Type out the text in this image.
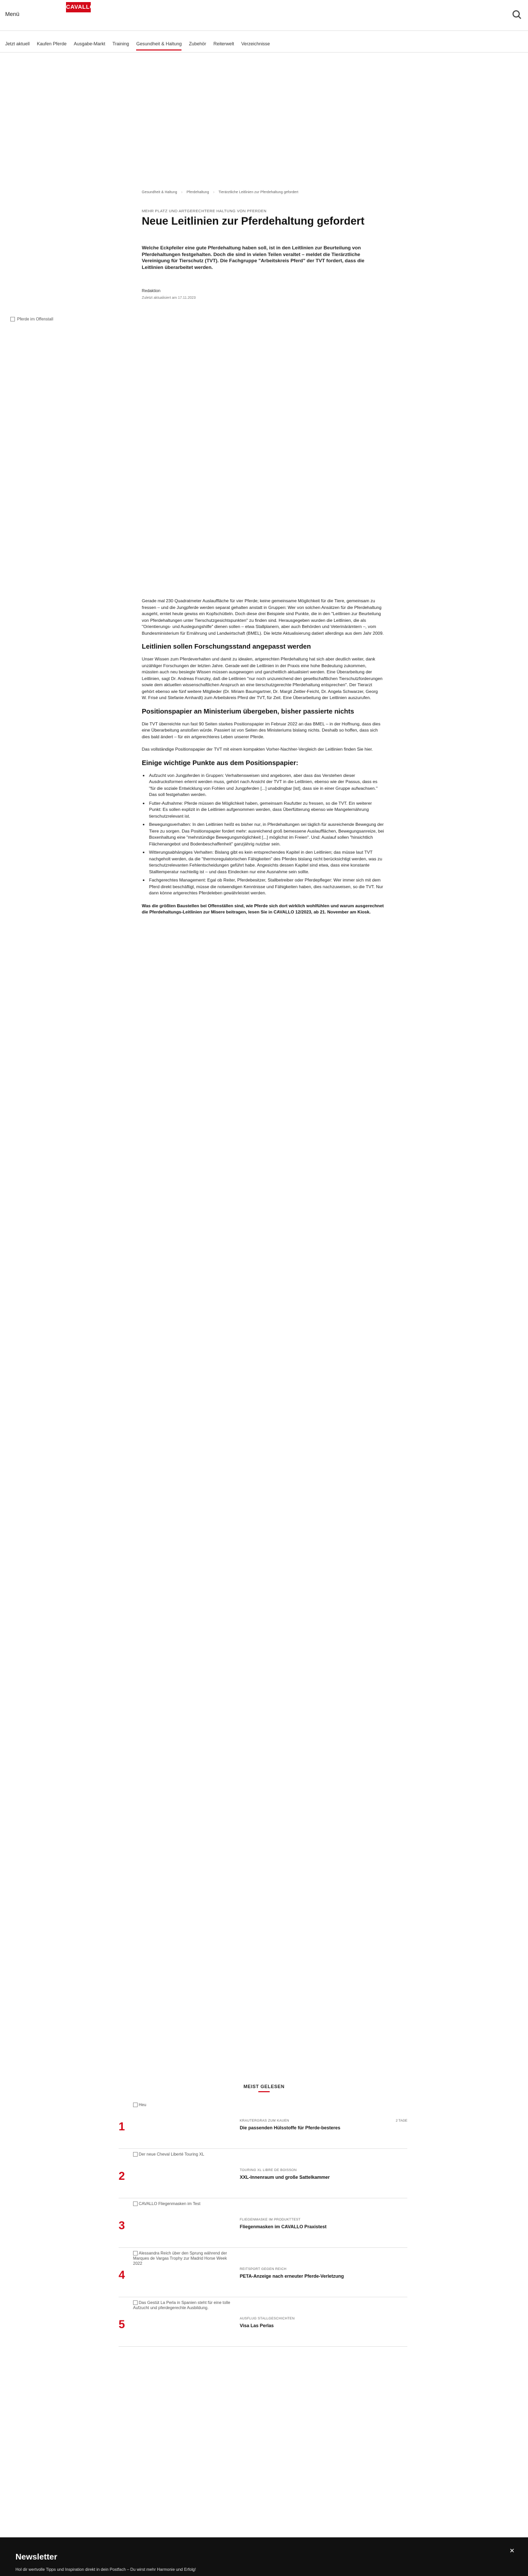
Menü
CAVALLO
Jetzt aktuell Kaufen Pferde Ausgabe-Markt Training Gesundheit & Haltung Zubehör Reiterwelt Verzeichnisse
Gesundheit & Haltung › Pferdehaltung › Tierärztliche Leitlinien zur Pferdehaltung gefordert
MEHR PLATZ UND ARTGERECHTERE HALTUNG VON PFERDEN
Neue Leitlinien zur Pferdehaltung gefordert

Welche Eckpfeiler eine gute Pferdehaltung haben soll, ist in den Leitlinien zur Beurteilung von Pferdehaltungen festgehalten. Doch die sind in vielen Teilen veraltet – meldet die Tierärztliche Vereinigung für Tierschutz (TVT). Die Fachgruppe "Arbeitskreis Pferd" der TVT fordert, dass die Leitlinien überarbeitet werden.

Redaktion
Zuletzt aktualisiert am 17.11.2023
Pferde im Offenstall

Gerade mal 230 Quadratmeter Auslauffläche für vier Pferde; keine gemeinsame Möglichkeit für die Tiere, gemeinsam zu fressen – und die Jungpferde werden separat gehalten anstatt in Gruppen: Wer von solchen Ansätzen für die Pferdehaltung ausgeht, erntet heute gewiss ein Kopfschütteln. Doch diese drei Beispiele sind Punkte, die in den "Leitlinien zur Beurteilung von Pferdehaltungen unter Tierschutzgesichtspunkten" zu finden sind. Herausgegeben wurden die Leitlinien, die als "Orientierungs- und Auslegungshilfe" dienen sollen – etwa Stallplanern, aber auch Behörden und Veterinärämtern –, vom Bundesministerium für Ernährung und Landwirtschaft (BMEL). Die letzte Aktualisierung datiert allerdings aus dem Jahr 2009.

Leitlinien sollen Forschungsstand angepasst werden

Unser Wissen zum Pferdeverhalten und damit zu idealen, artgerechten Pferdehaltung hat sich aber deutlich weiter, dank unzähliger Forschungen der letzten Jahre. Gerade weil die Leitlinien in der Praxis eine hohe Bedeutung zukommen, müssten auch neu besiegte Wissen müssen ausgewogen und ganzheitlich aktualisiert werden. Eine Überarbeitung der Leitlinien, sagt Dr. Andreas Franzky, daß die Leitlinien "nur noch unzureichend den gesellschaftlichen Tierschutzforderungen sowie dem aktuellen wissenschaftlichen Anspruch an eine tierschutzgerechte Pferdehaltung entsprechen". Der Tierarzt gehört ebenso wie fünf weitere Mitglieder (Dr. Miriam Baumgartner, Dr. Margit Zeitler-Feicht, Dr. Angela Schwarzer, Georg W. Frisé und Stefanie Arnhardt) zum Arbeitskreis Pferd der TVT, für Zeit. Eine Überarbeitung der Leitlinien auszurufen.

Positionspapier an Ministerium übergeben, bisher passierte nichts

Die TVT überreichte nun fast 90 Seiten starkes Positionspapier im Februar 2022 an das BMEL – in der Hoffnung, dass dies eine Überarbeitung anstoßen würde. Passiert ist von Seiten des Ministeriums bislang nichts. Deshalb so hoffen, dass sich dies bald ändert – für ein artgerechteres Leben unserer Pferde.

Das vollständige Positionspapier der TVT mit einem kompakten Vorher-Nachher-Vergleich der Leitlinien finden Sie hier.

Einige wichtige Punkte aus dem Positionspapier:
• Aufzucht von Jungpferden in Gruppen: Verhaltensweisen sind angeboren, aber dass das Verstehen dieser Ausdrucksformen erlernt werden muss, gehört nach Ansicht der TVT in die Leitlinien, ebenso wie der Passus, dass es "für die soziale Entwicklung von Fohlen und Jungpferden [...] unabdingbar [ist], dass sie in einer Gruppe aufwachsen." Das soll festgehalten werden.
• Futter-Aufnahme: Pferde müssen die Möglichkeit haben, gemeinsam Raufutter zu fressen, so die TVT. Ein weiterer Punkt: Es sollen explizit in die Leitlinien aufgenommen werden, dass Überfütterung ebenso wie Mangelernährung tierschutzrelevant ist.
• Bewegungsverhalten: In den Leitlinien heißt es bisher nur, in Pferdehaltungen sei täglich für ausreichende Bewegung der Tiere zu sorgen. Das Positionspapier fordert mehr: ausreichend groß bemessene Auslaufflächen, Bewegungsanreize, bei Boxenhaltung eine "mehrstündige Bewegungsmöglichkeit [...] möglichst im Freien". Und: Auslauf sollen "hinsichtlich Flächenangebot und Bodenbeschaffenheit" ganzjährig nutzbar sein.
• Witterungsabhängiges Verhalten: Bislang gibt es kein entsprechendes Kapitel in den Leitlinien; das müsse laut TVT nachgeholt werden, da die "thermoregulatorischen Fähigkeiten" des Pferdes bislang nicht berücksichtigt werden, was zu tierschutzrelevanten Fehlentscheidungen geführt habe. Angesichts dessen Kapitel sind etwa, dass eine konstante Stalltemperatur nachteilig ist – und dass Eindecken nur eine Ausnahme sein sollte.
• Fachgerechtes Management: Egal ob Reiter, Pferdebesitzer, Stallbetreiber oder Pferdepfleger: Wer immer sich mit dem Pferd direkt beschäftigt, müsse die notwendigen Kenntnisse und Fähigkeiten haben, dies nachzuweisen, so die TVT. Nur dann könne artgerechtes Pferdeleben gewährleistet werden.

Was die größten Baustellen bei Offenställen sind, wie Pferde sich dort wirklich wohlfühlen und warum ausgerechnet die Pferdehaltungs-Leitlinien zur Misere beitragen, lesen Sie in CAVALLO 12/2023, ab 21. November am Kiosk.

MEIST GELESEN
1
Heu
KRAUTERGRAS ZUM KAUEN
Die passenden Hülsstoffe für Pferde-besteres
2 TAGE
2
Der neue Cheval Liberté Touring XL
TOURING XL LIBRE DE BOISSON
XXL-Innenraum und große Sattelkammer
3
CAVALLO Fliegenmasken im Test
FLIEGENMASKE IM PRODUKTTEST
Fliegenmasken im CAVALLO Praxistest
4
Alessandra Reich über den Sprung während der Marques de Vargas Trophy zur Madrid Horse Week 2022
REITSPORT GEGEN REICH
PETA-Anzeige nach erneuter Pferde-Verletzung
5
Das Gestüt La Perla in Spanien steht für eine tolle Aufzucht und pferdegerechte Ausbildung.
AUSFLUG STALLGESCHICHTEN
Visa Las Perlas
Newsletter
Hol dir wertvolle Tipps und Inspiration direkt in dein Postfach – Du wirst mehr Harmonie und Erfolg!
✕
